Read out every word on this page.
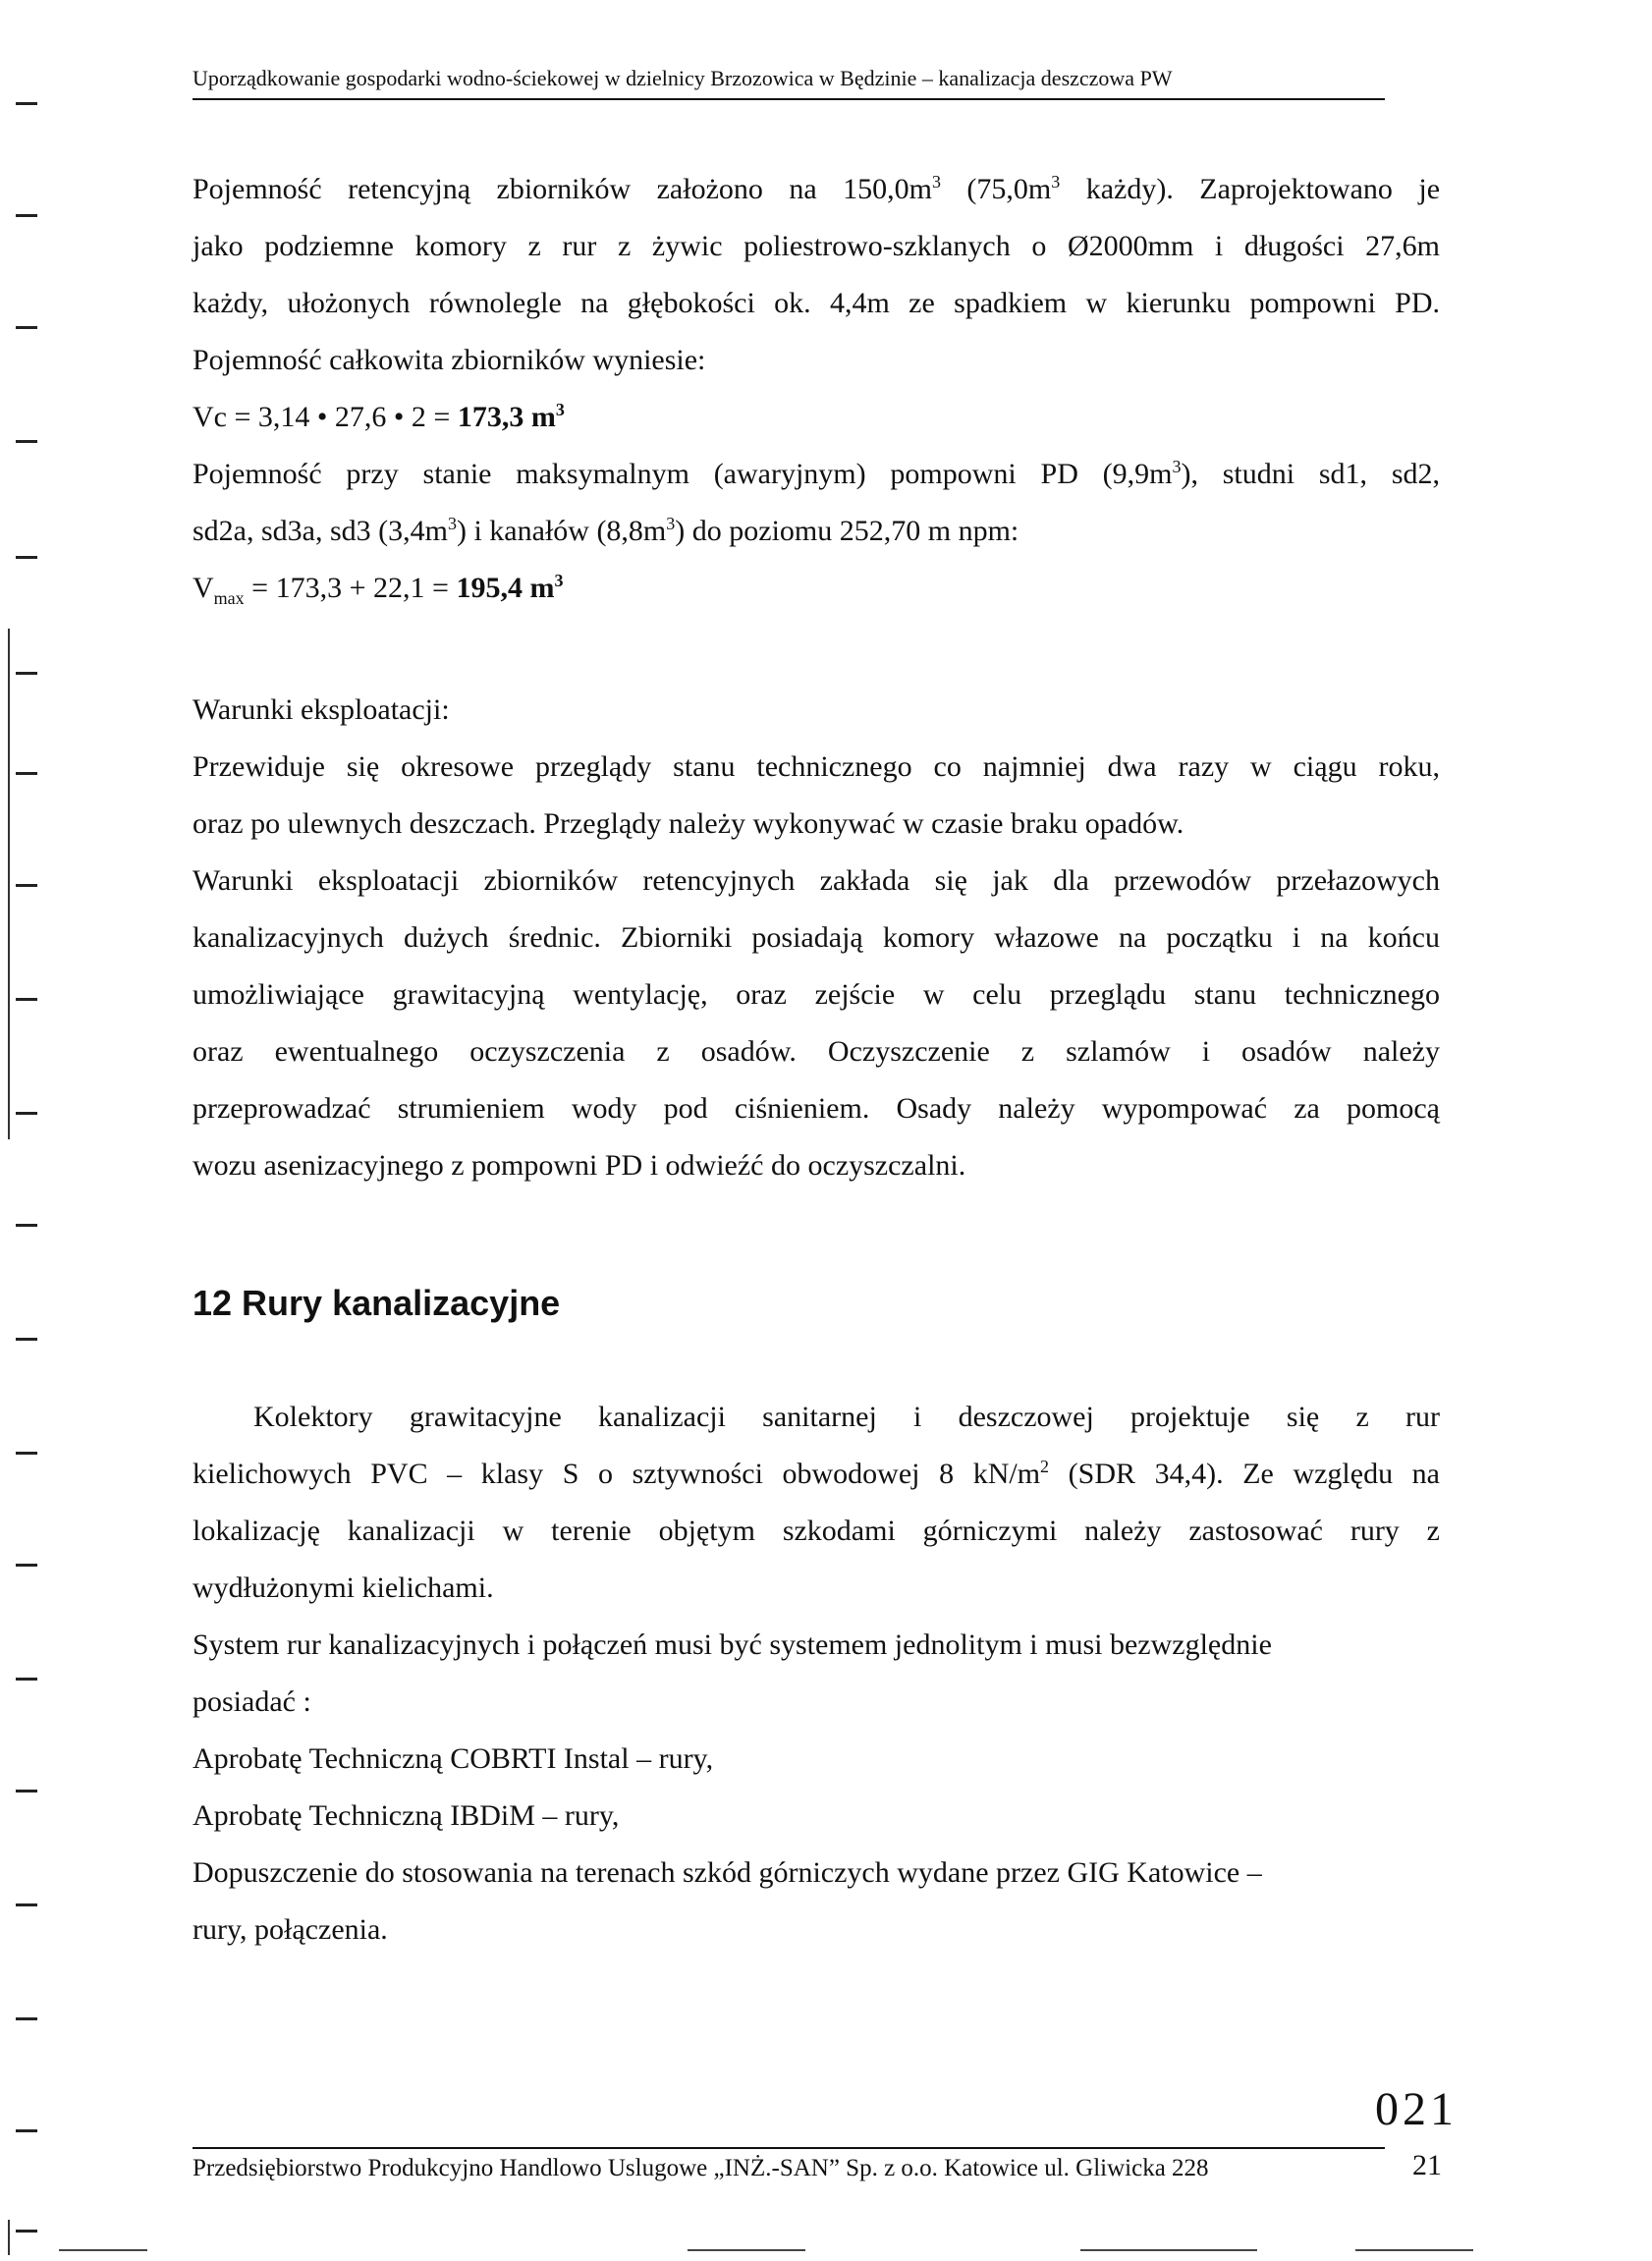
Uporządkowanie gospodarki wodno-ściekowej w dzielnicy Brzozowica w Będzinie – kanalizacja deszczowa PW
Pojemność retencyjną zbiorników założono na $150,0m^3$ ($75,0m^3$ każdy). Zaprojektowano je
jako podziemne komory z rur z żywic poliestrowo-szklanych o Ø2000mm i długości 27,6m
każdy, ułożonych równolegle na głębokości ok. 4,4m ze spadkiem w kierunku pompowni PD.
Pojemność całkowita zbiorników wyniesie:
Vc = 3,14 • 27,6 • 2 = 173,3 $m^3$
Pojemność przy stanie maksymalnym (awaryjnym) pompowni PD $(9,9m^3)$, studni sd1, sd2,
sd2a, sd3a, sd3 $(3,4m^3)$ i kanałów $(8,8m^3)$ do poziomu 252,70 m npm:
$V_{max} = 173,3 + 22,1 = 195,4$ $m^3$
Warunki eksploatacji:
Przewiduje się okresowe przeglądy stanu technicznego co najmniej dwa razy w ciągu roku,
oraz po ulewnych deszczach. Przeglądy należy wykonywać w czasie braku opadów.
Warunki eksploatacji zbiorników retencyjnych zakłada się jak dla przewodów przełazowych
kanalizacyjnych dużych średnic. Zbiorniki posiadają komory włazowe na początku i na końcu
umożliwiające grawitacyjną wentylację, oraz zejście w celu przeglądu stanu technicznego
oraz ewentualnego oczyszczenia z osadów. Oczyszczenie z szlamów i osadów należy
przeprowadzać strumieniem wody pod ciśnieniem. Osady należy wypompować za pomocą
wozu asenizacyjnego z pompowni PD i odwieźć do oczyszczalni.
12 Rury kanalizacyjne
Kolektory grawitacyjne kanalizacji sanitarnej i deszczowej projektuje się z rur
kielichowych PVC – klasy S o sztywności obwodowej 8 $kN/m^2$ (SDR 34,4). Ze względu na
lokalizację kanalizacji w terenie objętym szkodami górniczymi należy zastosować rury z
wydłużonymi kielichami.
System rur kanalizacyjnych i połączeń musi być systemem jednolitym i musi bezwzględnie
posiadać :
Aprobatę Techniczną COBRTI Instal – rury,
Aprobatę Techniczną IBDiM – rury,
Dopuszczenie do stosowania na terenach szkód górniczych wydane przez GIG Katowice –
rury, połączenia.
021
Przedsiębiorstwo Produkcyjno Handlowo Uslugowe „INŻ.-SAN” Sp. z o.o. Katowice ul. Gliwicka 228	21
